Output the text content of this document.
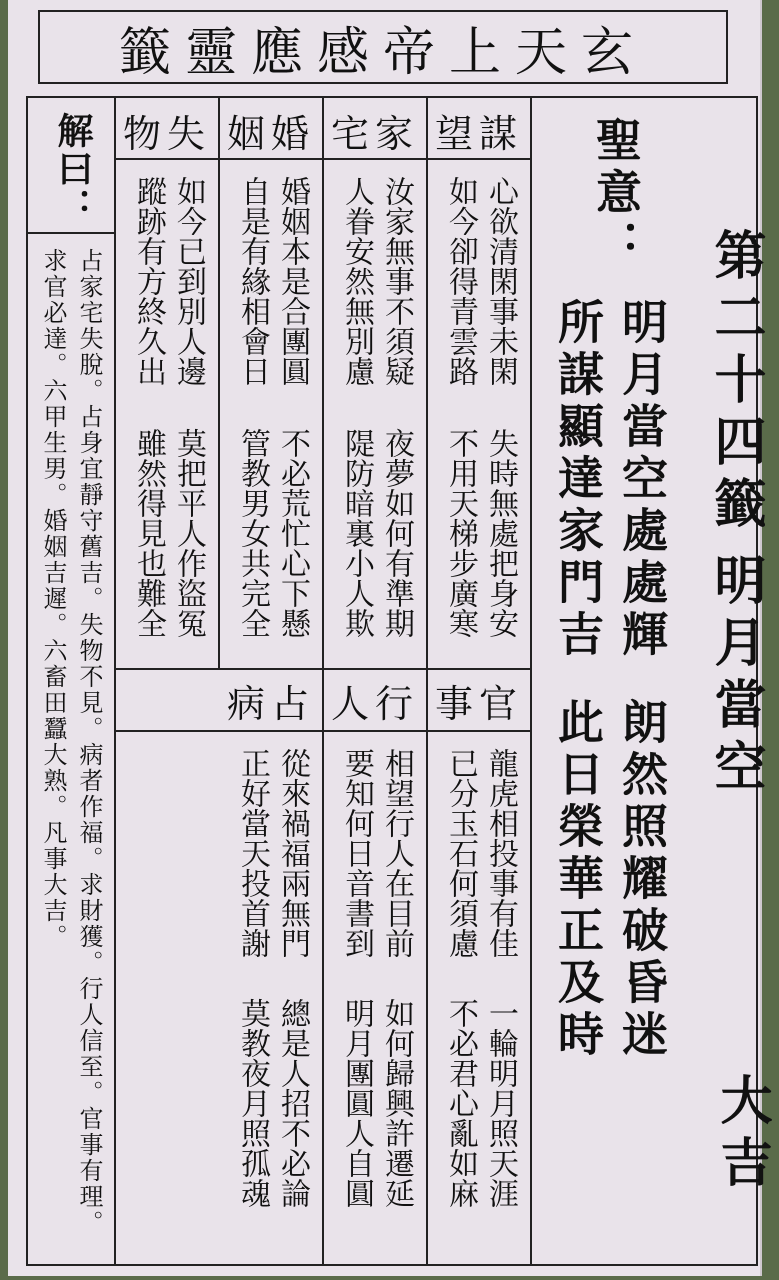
玄天上帝感應靈籤
第二十四籤
明月當空
大吉
聖意：
明月當空處處輝
朗然照耀破昏迷
所謀顯達家門吉
此日榮華正及時
謀望
家宅
婚姻
失物
心欲清閑事未閑
如今卻得青雲路
失時無處把身安
不用天梯步廣寒
汝家無事不須疑
人眷安然無別慮
夜夢如何有準期
隄防暗裏小人欺
婚姻本是合團圓
自是有緣相會日
不必荒忙心下懸
管教男女共完全
如今已到別人邊
蹤跡有方終久出
莫把平人作盜冤
雖然得見也難全
官事
行人
占病
龍虎相投事有佳
已分玉石何須慮
一輪明月照天涯
不必君心亂如麻
相望行人在目前
要知何日音書到
如何歸興許遷延
明月團圓人自圓
從來禍福兩無門
正好當天投首謝
總是人招不必論
莫教夜月照孤魂
解曰：
占家宅失脫。占身宜靜守舊吉。失物不見。病者作福。求財獲。行人信至。官事有理。
求官必達。六甲生男。婚姻吉遲。六畜田蠶大熟。凡事大吉。
